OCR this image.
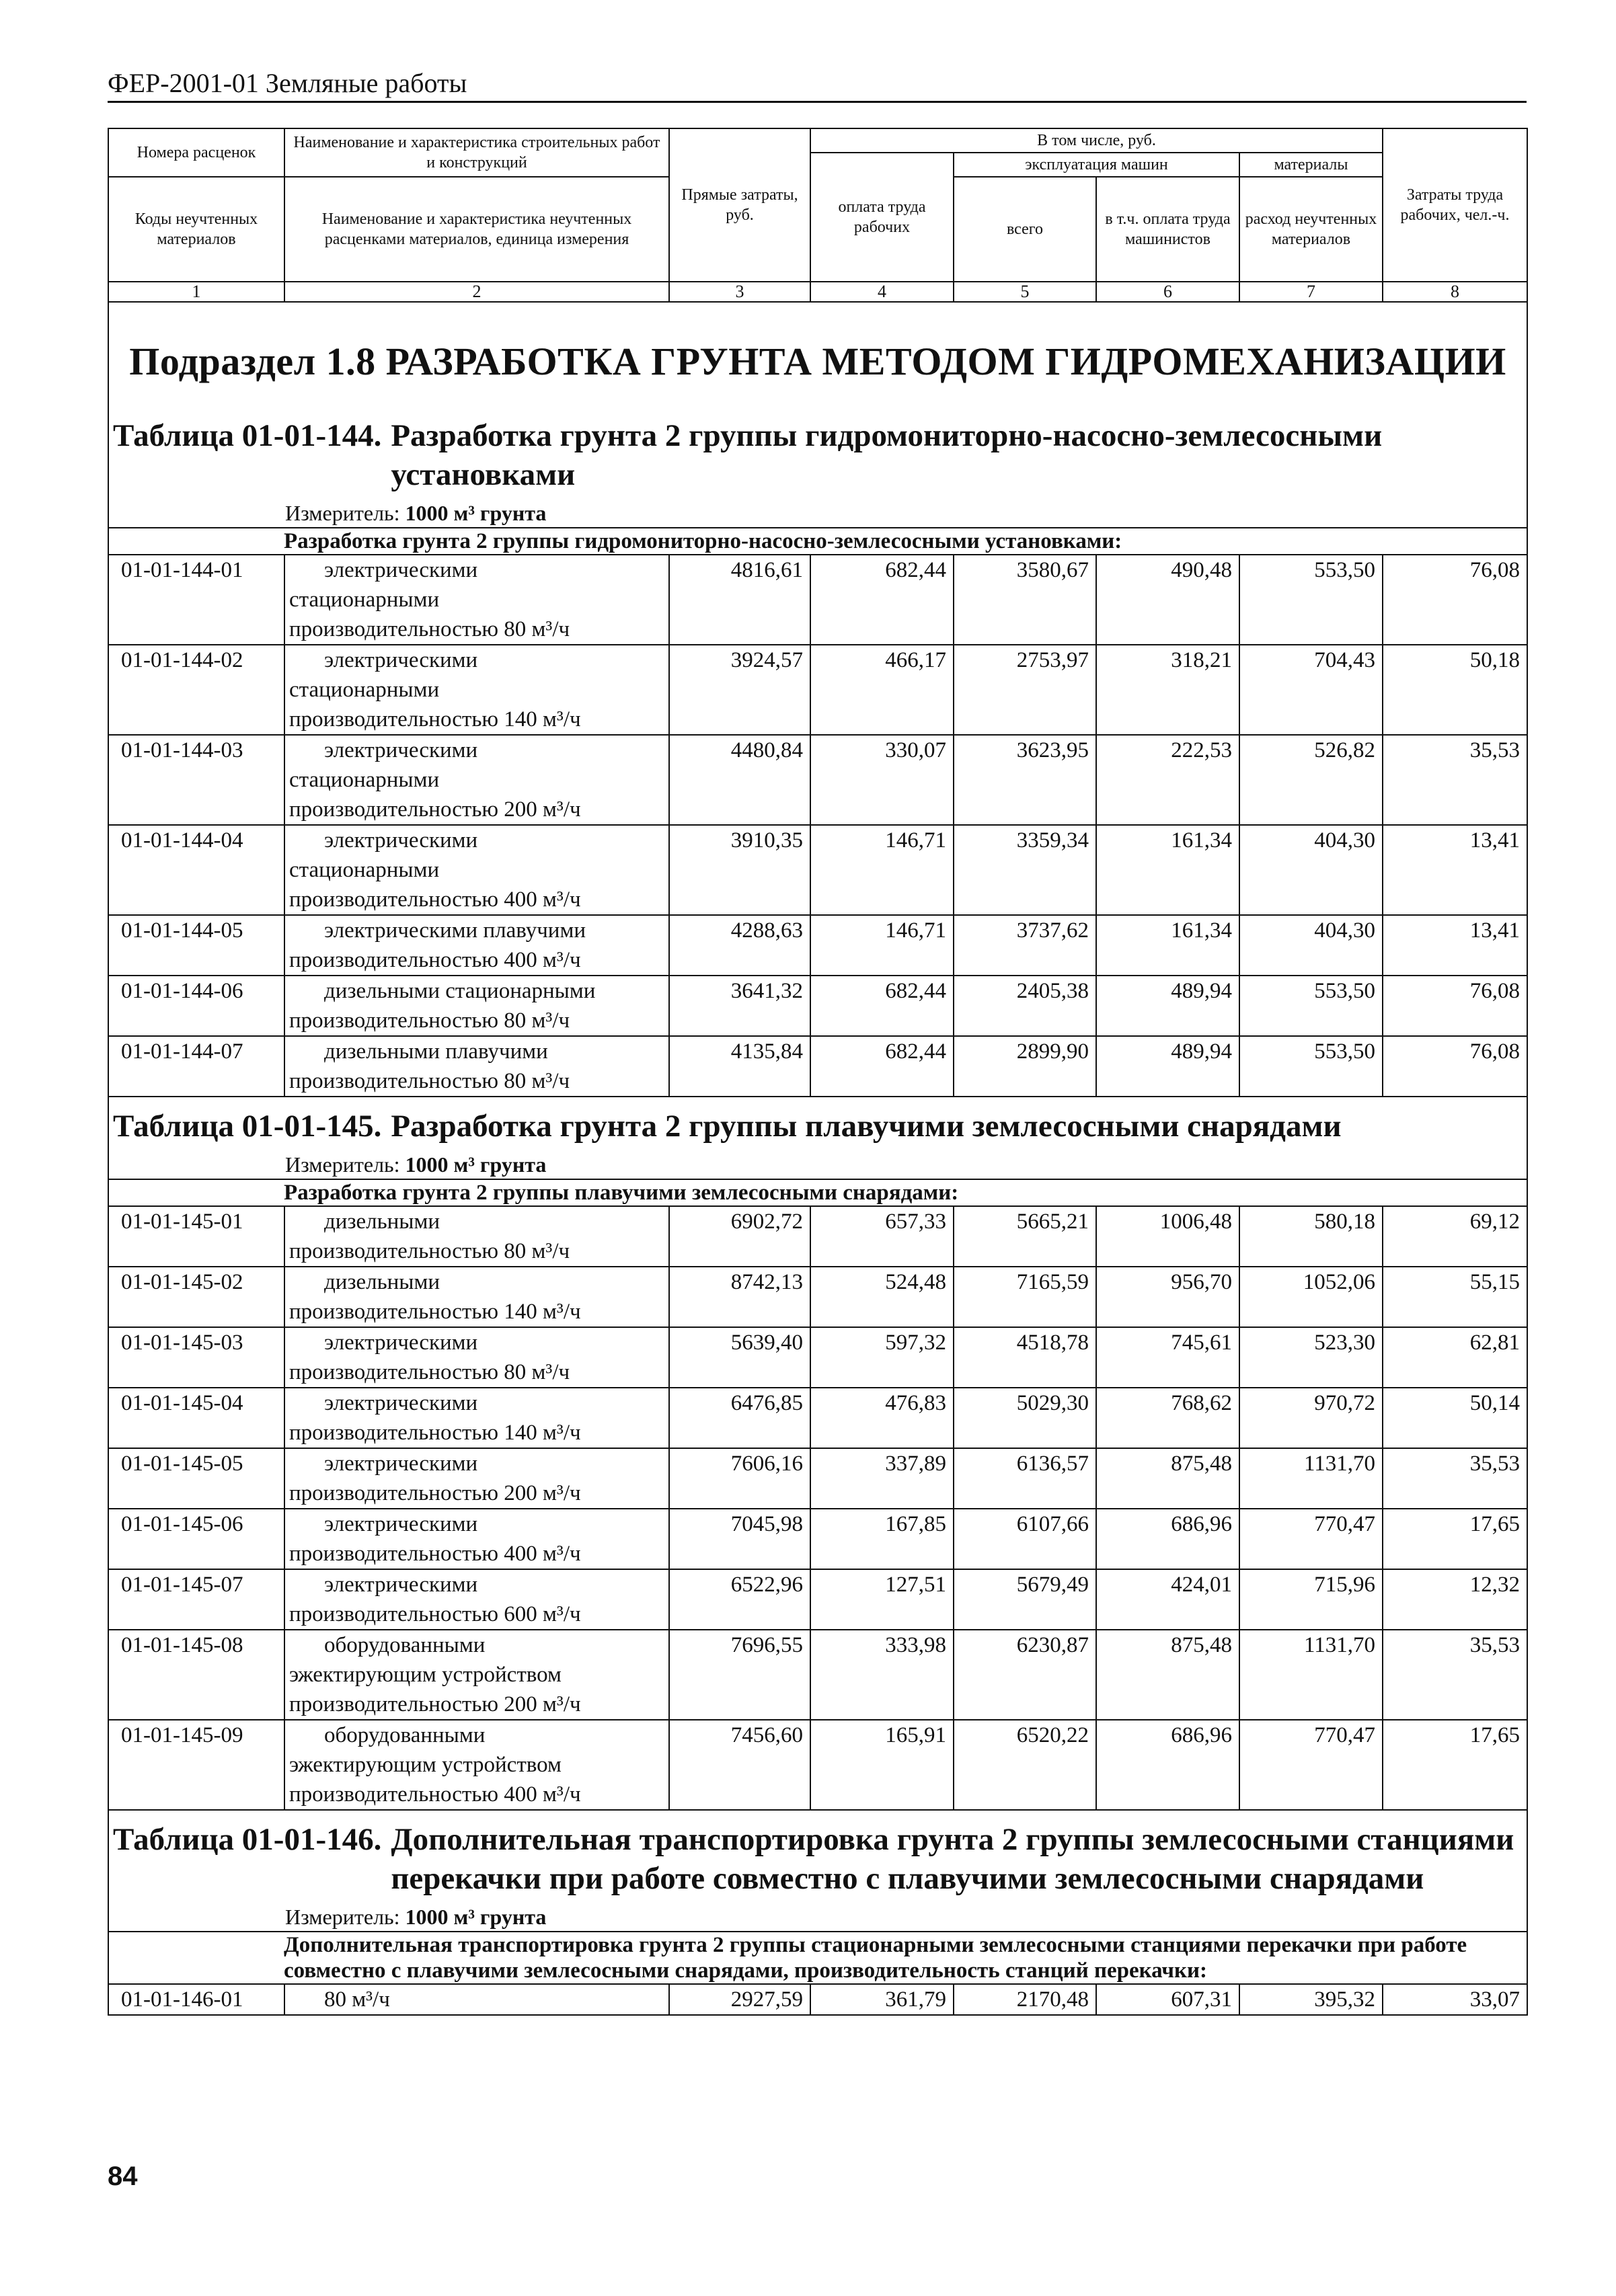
ФЕР-2001-01 Земляные работы
Номера расценок	Наименование и характеристика строительных работ и конструкций	Прямые затраты, руб.	В том числе, руб.				Затраты труда рабочих, чел.-ч.
			оплата труда рабочих	эксплуатация машин		материалы	
Коды неучтенных материалов	Наименование и характеристика неучтенных расценками материалов, единица измерения			всего	в т.ч. оплата труда машинистов	расход неучтенных материалов	

1	2	3	4	5	6	7	8

Подраздел 1.8 РАЗРАБОТКА ГРУНТА МЕТОДОМ ГИДРОМЕХАНИЗАЦИИ							

Таблица 01-01-144. Разработка грунта 2 группы гидромониторно-насосно-землесосными установками							

Измеритель: 1000 м³ грунта							
Разработка грунта 2 группы гидромониторно-насосно-землесосными установками:							
01-01-144-01	электрическими
стационарными
производительностью 80 м³/ч	4816,61	682,44	3580,67	490,48	553,50	76,08
01-01-144-02	электрическими
стационарными
производительностью 140 м³/ч	3924,57	466,17	2753,97	318,21	704,43	50,18
01-01-144-03	электрическими
стационарными
производительностью 200 м³/ч	4480,84	330,07	3623,95	222,53	526,82	35,53
01-01-144-04	электрическими
стационарными
производительностью 400 м³/ч	3910,35	146,71	3359,34	161,34	404,30	13,41
01-01-144-05	электрическими плавучими
производительностью 400 м³/ч	4288,63	146,71	3737,62	161,34	404,30	13,41
01-01-144-06	дизельными стационарными
производительностью 80 м³/ч	3641,32	682,44	2405,38	489,94	553,50	76,08
01-01-144-07	дизельными плавучими
производительностью 80 м³/ч	4135,84	682,44	2899,90	489,94	553,50	76,08

Таблица 01-01-145. Разработка грунта 2 группы плавучими землесосными снарядами							

Измеритель: 1000 м³ грунта							
Разработка грунта 2 группы плавучими землесосными снарядами:							
01-01-145-01	дизельными
производительностью 80 м³/ч	6902,72	657,33	5665,21	1006,48	580,18	69,12
01-01-145-02	дизельными
производительностью 140 м³/ч	8742,13	524,48	7165,59	956,70	1052,06	55,15
01-01-145-03	электрическими
производительностью 80 м³/ч	5639,40	597,32	4518,78	745,61	523,30	62,81
01-01-145-04	электрическими
производительностью 140 м³/ч	6476,85	476,83	5029,30	768,62	970,72	50,14
01-01-145-05	электрическими
производительностью 200 м³/ч	7606,16	337,89	6136,57	875,48	1131,70	35,53
01-01-145-06	электрическими
производительностью 400 м³/ч	7045,98	167,85	6107,66	686,96	770,47	17,65
01-01-145-07	электрическими
производительностью 600 м³/ч	6522,96	127,51	5679,49	424,01	715,96	12,32
01-01-145-08	оборудованными
эжектирующим устройством
производительностью 200 м³/ч	7696,55	333,98	6230,87	875,48	1131,70	35,53
01-01-145-09	оборудованными
эжектирующим устройством
производительностью 400 м³/ч	7456,60	165,91	6520,22	686,96	770,47	17,65

Таблица 01-01-146. Дополнительная транспортировка грунта 2 группы землесосными станциями перекачки при работе совместно с плавучими землесосными снарядами							

Измеритель: 1000 м³ грунта							
Дополнительная транспортировка грунта 2 группы стационарными землесосными станциями перекачки при работе совместно с плавучими землесосными снарядами, производительность станций перекачки:							
01-01-146-01	80 м³/ч	2927,59	361,79	2170,48	607,31	395,32	33,07
84
